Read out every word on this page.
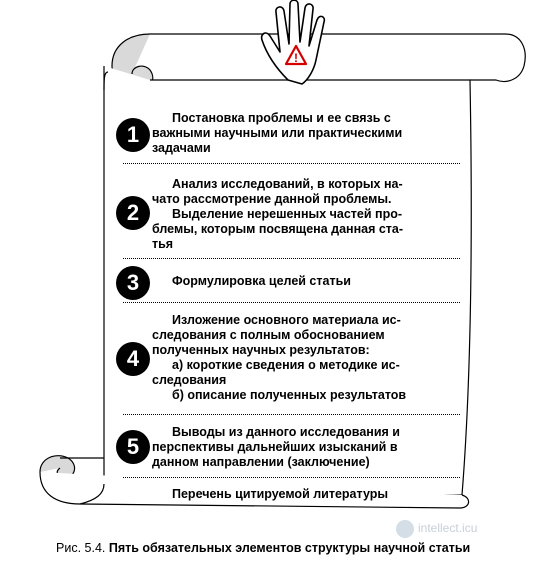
!
1
Постановка проблемы и ее связь с
важными научными или практическими
задачами
2
Анализ исследований, в которых на-
чато рассмотрение данной проблемы.
Выделение нерешенных частей про-
блемы, которым посвящена данная ста-
тья
3	Формулировка целей статьи
4
Изложение основного материала ис-
следования с полным обоснованием
полученных научных результатов:
а) короткие сведения о методике ис-
следования
б) описание полученных результатов
5
Выводы из данного исследования и
перспективы дальнейших изысканий в
данном направлении (заключение)
Перечень цитируемой литературы
intellect.icu
Рис. 5.4. Пять обязательных элементов структуры научной статьи
